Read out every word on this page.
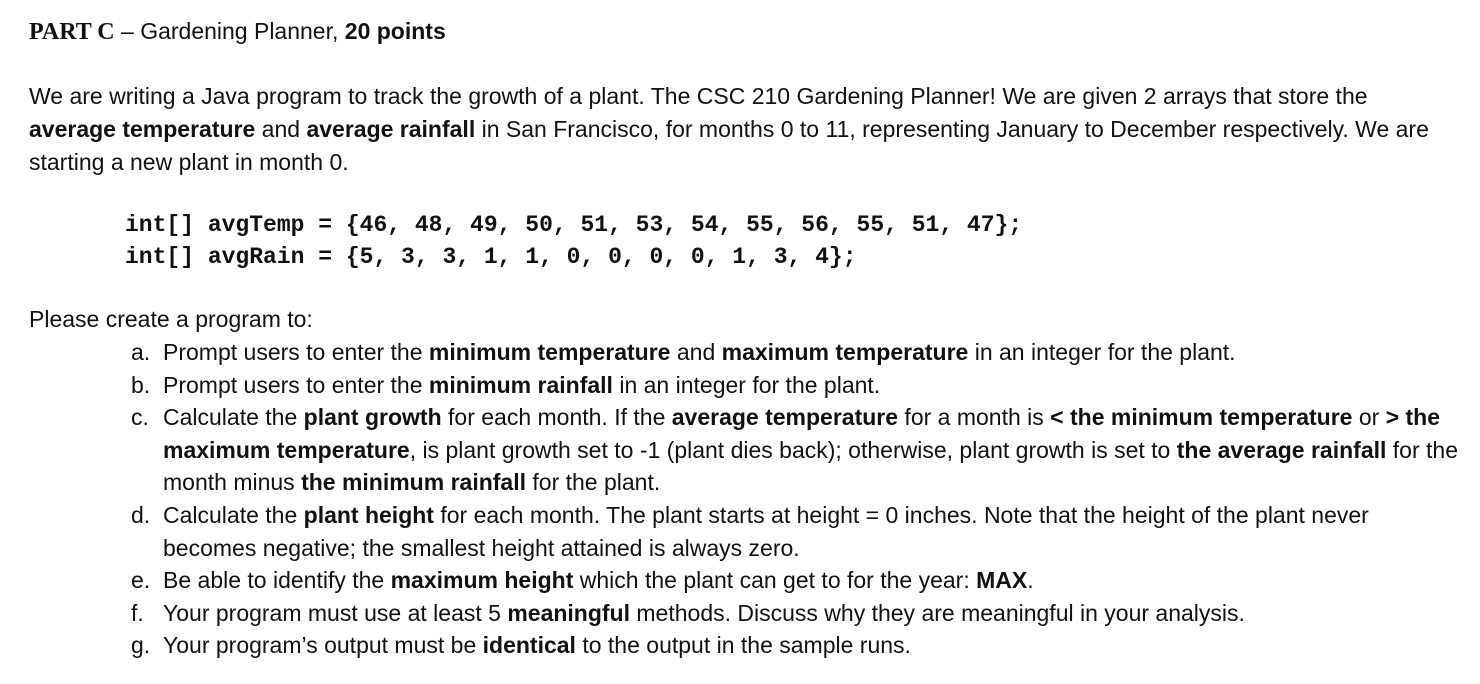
PART C – Gardening Planner, 20 points

We are writing a Java program to track the growth of a plant. The CSC 210 Gardening Planner! We are given 2 arrays that store the average temperature and average rainfall in San Francisco, for months 0 to 11, representing January to December respectively. We are starting a new plant in month 0.

int[] avgTemp = {46, 48, 49, 50, 51, 53, 54, 55, 56, 55, 51, 47};
int[] avgRain = {5, 3, 3, 1, 1, 0, 0, 0, 0, 1, 3, 4};

Please create a program to:

a. Prompt users to enter the minimum temperature and maximum temperature in an integer for the plant.
b. Prompt users to enter the minimum rainfall in an integer for the plant.
c. Calculate the plant growth for each month. If the average temperature for a month is < the minimum temperature or > the maximum temperature, is plant growth set to -1 (plant dies back); otherwise, plant growth is set to the average rainfall for the month minus the minimum rainfall for the plant.
d. Calculate the plant height for each month. The plant starts at height = 0 inches. Note that the height of the plant never becomes negative; the smallest height attained is always zero.
e. Be able to identify the maximum height which the plant can get to for the year: MAX.
f. Your program must use at least 5 meaningful methods. Discuss why they are meaningful in your analysis.
g. Your program’s output must be identical to the output in the sample runs.
